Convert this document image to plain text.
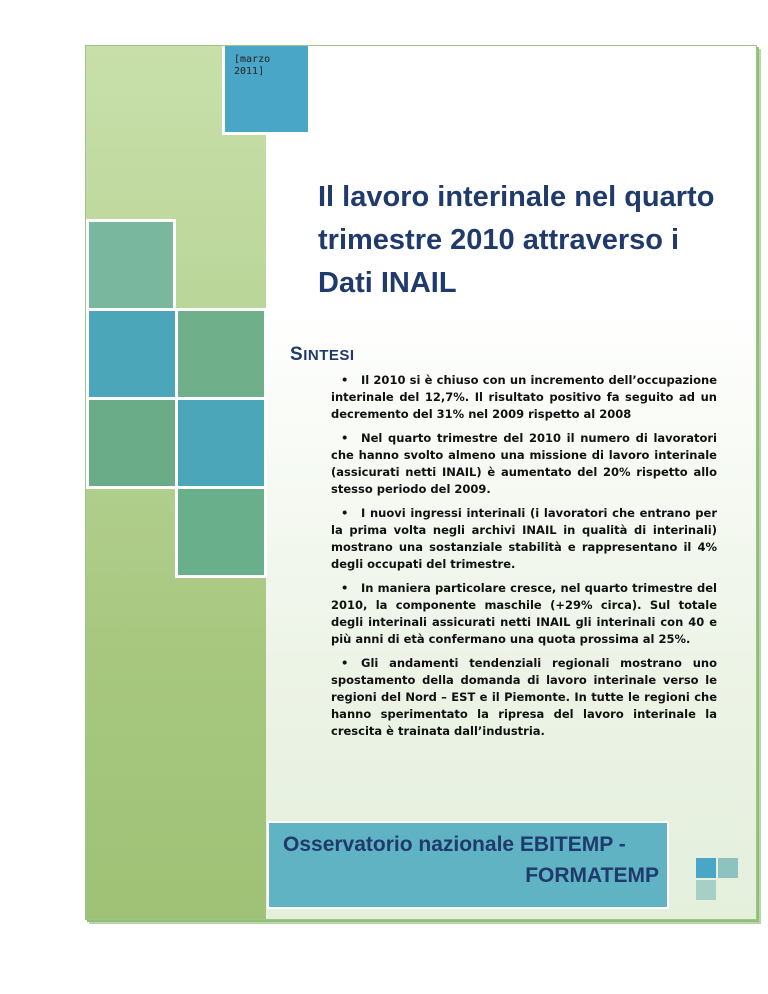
[marzo
2011]
Il lavoro interinale nel quarto trimestre 2010 attraverso i Dati INAIL
SINTESI
• Il 2010 si è chiuso con un incremento dell’occupazione interinale del 12,7%. Il risultato positivo fa seguito ad un decremento del 31% nel 2009 rispetto al 2008
• Nel quarto trimestre del 2010 il numero di lavoratori che hanno svolto almeno una missione di lavoro interinale (assicurati netti INAIL) è aumentato del 20% rispetto allo stesso periodo del 2009.
• I nuovi ingressi interinali (i lavoratori che entrano per la prima volta negli archivi INAIL in qualità di interinali) mostrano una sostanziale stabilità e rappresentano il 4% degli occupati del trimestre.
• In maniera particolare cresce, nel quarto trimestre del 2010, la componente maschile (+29% circa). Sul totale degli interinali assicurati netti INAIL gli interinali con 40 e più anni di età confermano una quota prossima al 25%.
• Gli andamenti tendenziali regionali mostrano uno spostamento della domanda di lavoro interinale verso le regioni del Nord – EST e il Piemonte. In tutte le regioni che hanno sperimentato la ripresa del lavoro interinale la crescita è trainata dall’industria.
Osservatorio nazionale EBITEMP -
FORMATEMP
